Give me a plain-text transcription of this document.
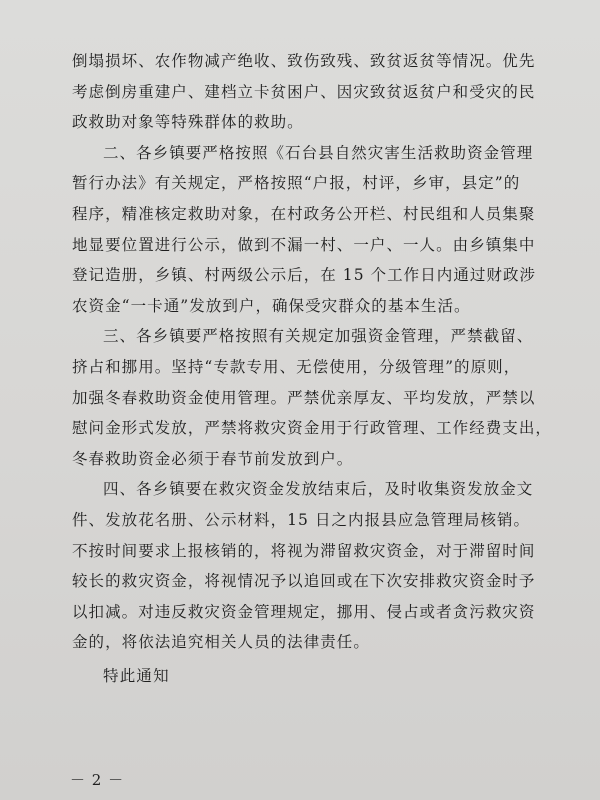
倒塌损坏、农作物减产绝收、致伤致残、致贫返贫等情况。优先
考虑倒房重建户、建档立卡贫困户、因灾致贫返贫户和受灾的民
政救助对象等特殊群体的救助。

二、各乡镇要严格按照《石台县自然灾害生活救助资金管理
暂行办法》有关规定，严格按照“户报，村评，乡审，县定”的
程序，精准核定救助对象，在村政务公开栏、村民组和人员集聚
地显要位置进行公示，做到不漏一村、一户、一人。由乡镇集中
登记造册，乡镇、村两级公示后，在 15 个工作日内通过财政涉
农资金“一卡通”发放到户，确保受灾群众的基本生活。

三、各乡镇要严格按照有关规定加强资金管理，严禁截留、
挤占和挪用。坚持“专款专用、无偿使用，分级管理”的原则，
加强冬春救助资金使用管理。严禁优亲厚友、平均发放，严禁以
慰问金形式发放，严禁将救灾资金用于行政管理、工作经费支出，
冬春救助资金必须于春节前发放到户。

四、各乡镇要在救灾资金发放结束后，及时收集资发放金文
件、发放花名册、公示材料，15 日之内报县应急管理局核销。
不按时间要求上报核销的，将视为滞留救灾资金，对于滞留时间
较长的救灾资金，将视情况予以追回或在下次安排救灾资金时予
以扣减。对违反救灾资金管理规定，挪用、侵占或者贪污救灾资
金的，将依法追究相关人员的法律责任。

特此通知
－ 2 －
